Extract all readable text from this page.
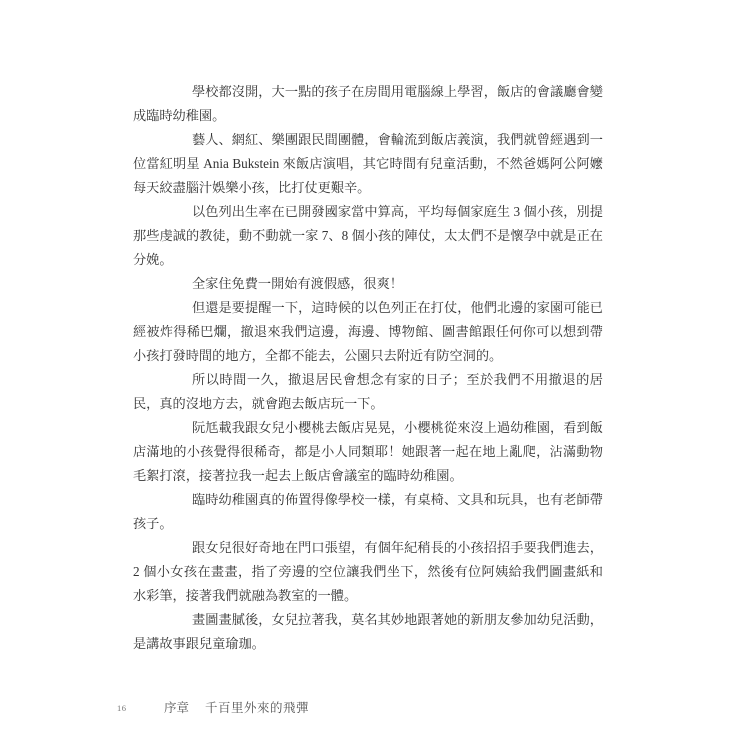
學校都沒開，大一點的孩子在房間用電腦線上學習，飯店的會議廳會變成臨時幼稚園。

藝人、網紅、樂團跟民間團體，會輪流到飯店義演，我們就曾經遇到一位當紅明星 Ania Bukstein 來飯店演唱，其它時間有兒童活動，不然爸媽阿公阿嬤每天絞盡腦汁娛樂小孩，比打仗更艱辛。

以色列出生率在已開發國家當中算高，平均每個家庭生 3 個小孩，別提那些虔誠的教徒，動不動就一家 7、8 個小孩的陣仗，太太們不是懷孕中就是正在分娩。

全家住免費一開始有渡假感，很爽！

但還是要提醒一下，這時候的以色列正在打仗，他們北邊的家園可能已經被炸得稀巴爛，撤退來我們這邊，海邊、博物館、圖書館跟任何你可以想到帶小孩打發時間的地方，全都不能去，公園只去附近有防空洞的。

所以時間一久，撤退居民會想念有家的日子；至於我們不用撤退的居民，真的沒地方去，就會跑去飯店玩一下。

阮尪載我跟女兒小櫻桃去飯店晃晃，小櫻桃從來沒上過幼稚園，看到飯店滿地的小孩覺得很稀奇，都是小人同類耶！她跟著一起在地上亂爬，沾滿動物毛絮打滾，接著拉我一起去上飯店會議室的臨時幼稚園。

臨時幼稚園真的佈置得像學校一樣，有桌椅、文具和玩具，也有老師帶孩子。

跟女兒很好奇地在門口張望，有個年紀稍長的小孩招招手要我們進去，2 個小女孩在畫畫，指了旁邊的空位讓我們坐下，然後有位阿姨給我們圖畫紙和水彩筆，接著我們就融為教室的一體。

畫圖畫膩後，女兒拉著我，莫名其妙地跟著她的新朋友參加幼兒活動，是講故事跟兒童瑜珈。

16	序章 千百里外來的飛彈
